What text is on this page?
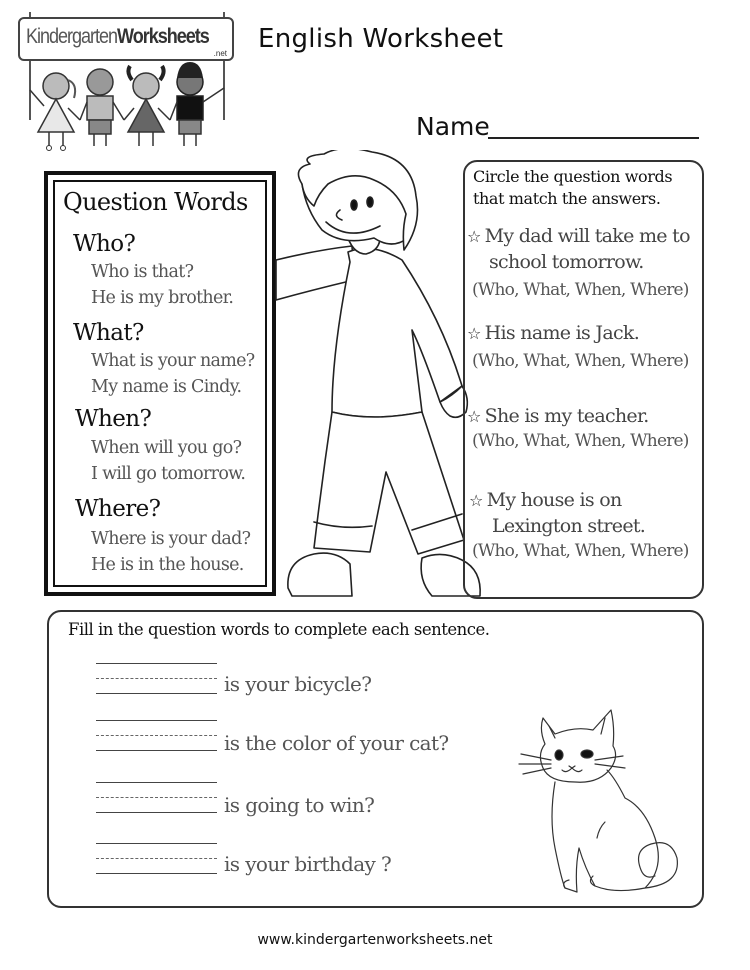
KindergartenWorksheets
.net English Worksheet
Name
Question Words
Who?
Who is that?
He is my brother.
What?
What is your name?
My name is Cindy.
When?
When will you go?
I will go tomorrow.
Where?
Where is your dad?
He is in the house.
Circle the question words
that match the answers.
☆ My dad will take me to
school tomorrow.
(Who, What, When, Where)
☆ His name is Jack.
(Who, What, When, Where)
☆ She is my teacher.
(Who, What, When, Where)
☆ My house is on
Lexington street.
(Who, What, When, Where)
Fill in the question words to complete each sentence.
is your bicycle?
is the color of your cat?
is going to win?
is your birthday ?
www.kindergartenworksheets.net
